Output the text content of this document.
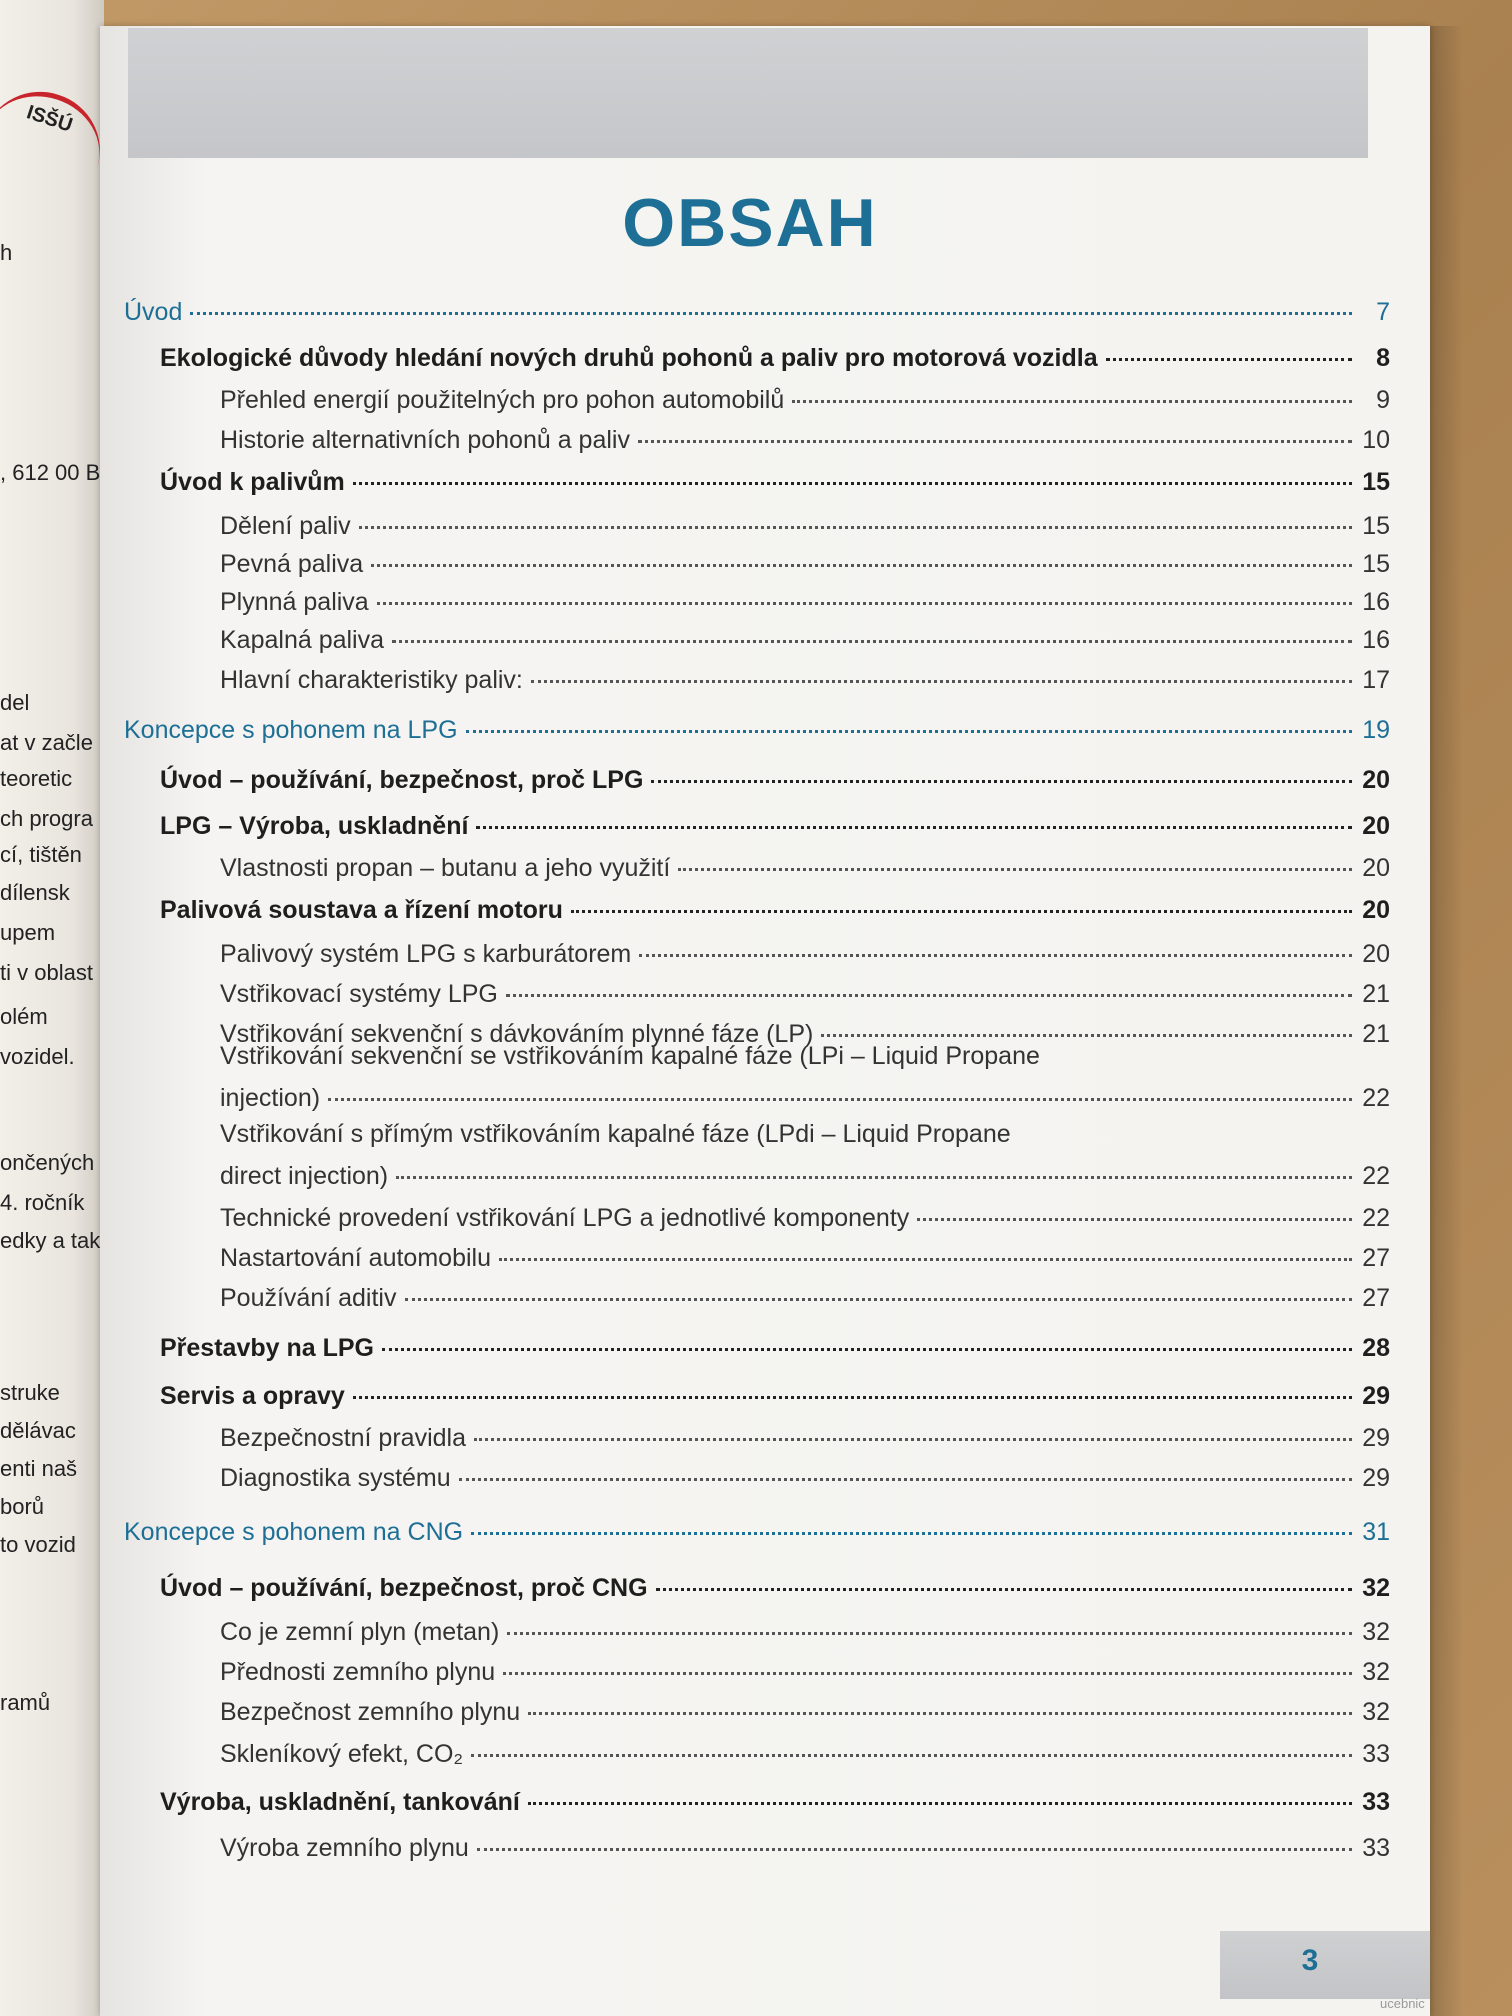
ISŠÚ
h
, 612 00 B
del
at v začle
teoretic
ch progra
cí, tištěn
dílensk
upem
ti v oblast
olém
vozidel.
ončených
4. ročník
edky a tak
struke
dělávac
enti naš
borů
to vozid
ramů
OBSAH
Úvod	7
Ekologické důvody hledání nových druhů pohonů a paliv pro motorová vozidla	8
Přehled energií použitelných pro pohon automobilů	9
Historie alternativních pohonů a paliv	10
Úvod k palivům	15
Dělení paliv	15
Pevná paliva	15
Plynná paliva	16
Kapalná paliva	16
Hlavní charakteristiky paliv:	17
Koncepce s pohonem na LPG	19
Úvod – používání, bezpečnost, proč LPG	20
LPG – Výroba, uskladnění	20
Vlastnosti propan – butanu a jeho využití	20
Palivová soustava a řízení motoru	20
Palivový systém LPG s karburátorem	20
Vstřikovací systémy LPG	21
Vstřikování sekvenční s dávkováním plynné fáze (LP)	21
Vstřikování sekvenční se vstřikováním kapalné fáze (LPi – Liquid Propane
injection)	22
Vstřikování s přímým vstřikováním kapalné fáze (LPdi – Liquid Propane
direct injection)	22
Technické provedení vstřikování LPG a jednotlivé komponenty	22
Nastartování automobilu	27
Používání aditiv	27
Přestavby na LPG	28
Servis a opravy	29
Bezpečnostní pravidla	29
Diagnostika systému	29
Koncepce s pohonem na CNG	31
Úvod – používání, bezpečnost, proč CNG	32
Co je zemní plyn (metan)	32
Přednosti zemního plynu	32
Bezpečnost zemního plynu	32
Skleníkový efekt, CO₂	33
Výroba, uskladnění, tankování	33
Výroba zemního plynu	33
3
ucebnic
